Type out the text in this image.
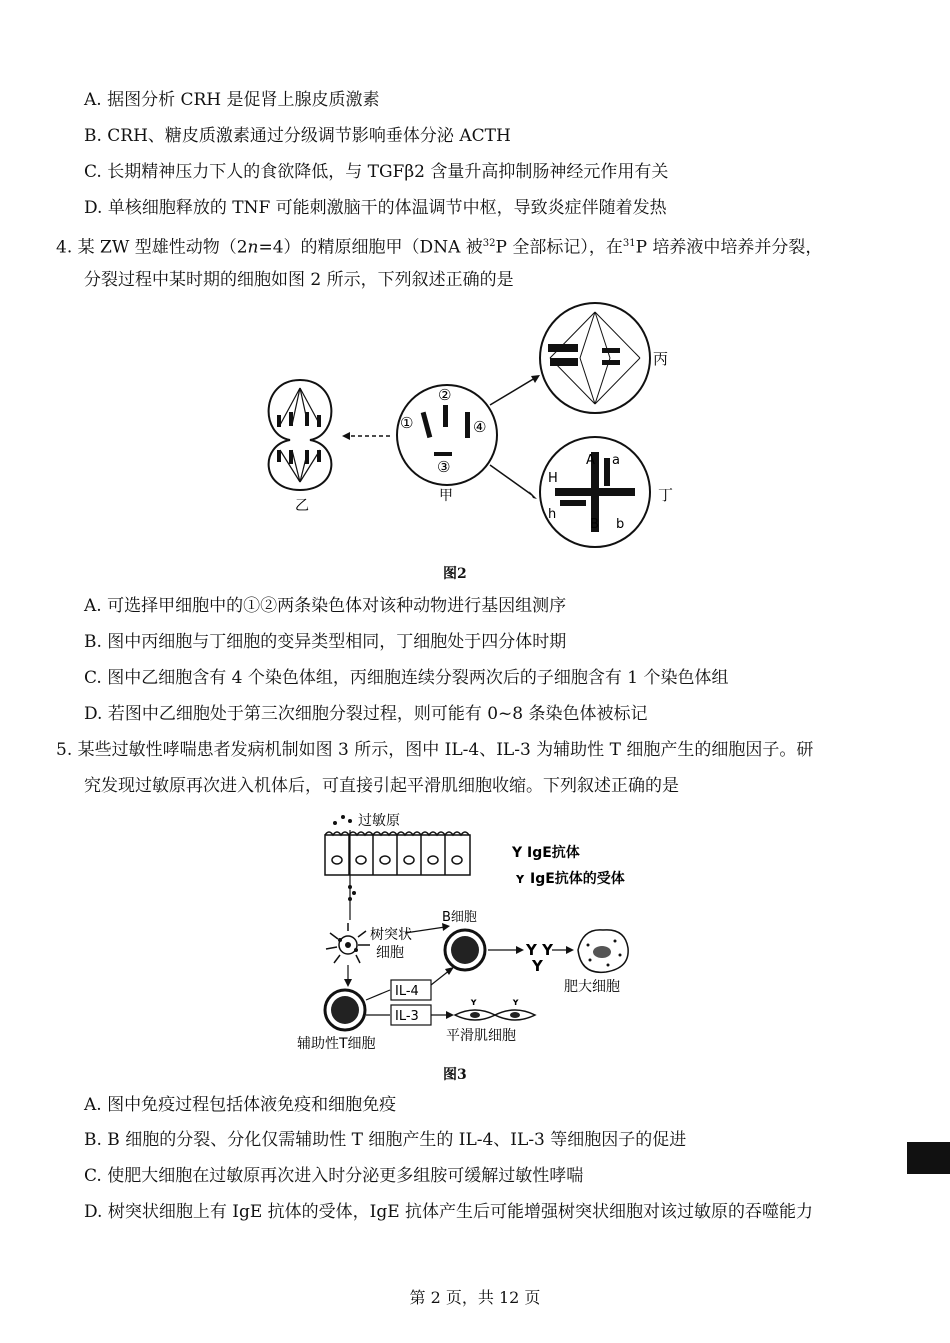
A. 据图分析 CRH 是促肾上腺皮质激素
B. CRH、糖皮质激素通过分级调节影响垂体分泌 ACTH
C. 长期精神压力下人的食欲降低，与 TGFβ2 含量升高抑制肠神经元作用有关
D. 单核细胞释放的 TNF 可能刺激脑干的体温调节中枢，导致炎症伴随着发热
4. 某 ZW 型雄性动物（2n=4）的精原细胞甲（DNA 被$^{32}$P 全部标记），在$^{31}$P 培养液中培养并分裂，
分裂过程中某时期的细胞如图 2 所示，下列叙述正确的是
乙
①
②
③
④
甲
丙
A a
H
h
B b
丁
图2
A. 可选择甲细胞中的①②两条染色体对该种动物进行基因组测序
B. 图中丙细胞与丁细胞的变异类型相同，丁细胞处于四分体时期
C. 图中乙细胞含有 4 个染色体组，丙细胞连续分裂两次后的子细胞含有 1 个染色体组
D. 若图中乙细胞处于第三次细胞分裂过程，则可能有 0~8 条染色体被标记
5. 某些过敏性哮喘患者发病机制如图 3 所示，图中 IL-4、IL-3 为辅助性 T 细胞产生的细胞因子。研
究发现过敏原再次进入机体后，可直接引起平滑肌细胞收缩。下列叙述正确的是
过敏原
Y IgE抗体
ʏ IgE抗体的受体
树突状
细胞
B细胞
Y Y
Y
肥大细胞
辅助性T细胞
IL-4
IL-3
ʏ	ʏ
平滑肌细胞
图3
A. 图中免疫过程包括体液免疫和细胞免疫
B. B 细胞的分裂、分化仅需辅助性 T 细胞产生的 IL-4、IL-3 等细胞因子的促进
C. 使肥大细胞在过敏原再次进入时分泌更多组胺可缓解过敏性哮喘
D. 树突状细胞上有 IgE 抗体的受体，IgE 抗体产生后可能增强树突状细胞对该过敏原的吞噬能力
第 2 页，共 12 页
